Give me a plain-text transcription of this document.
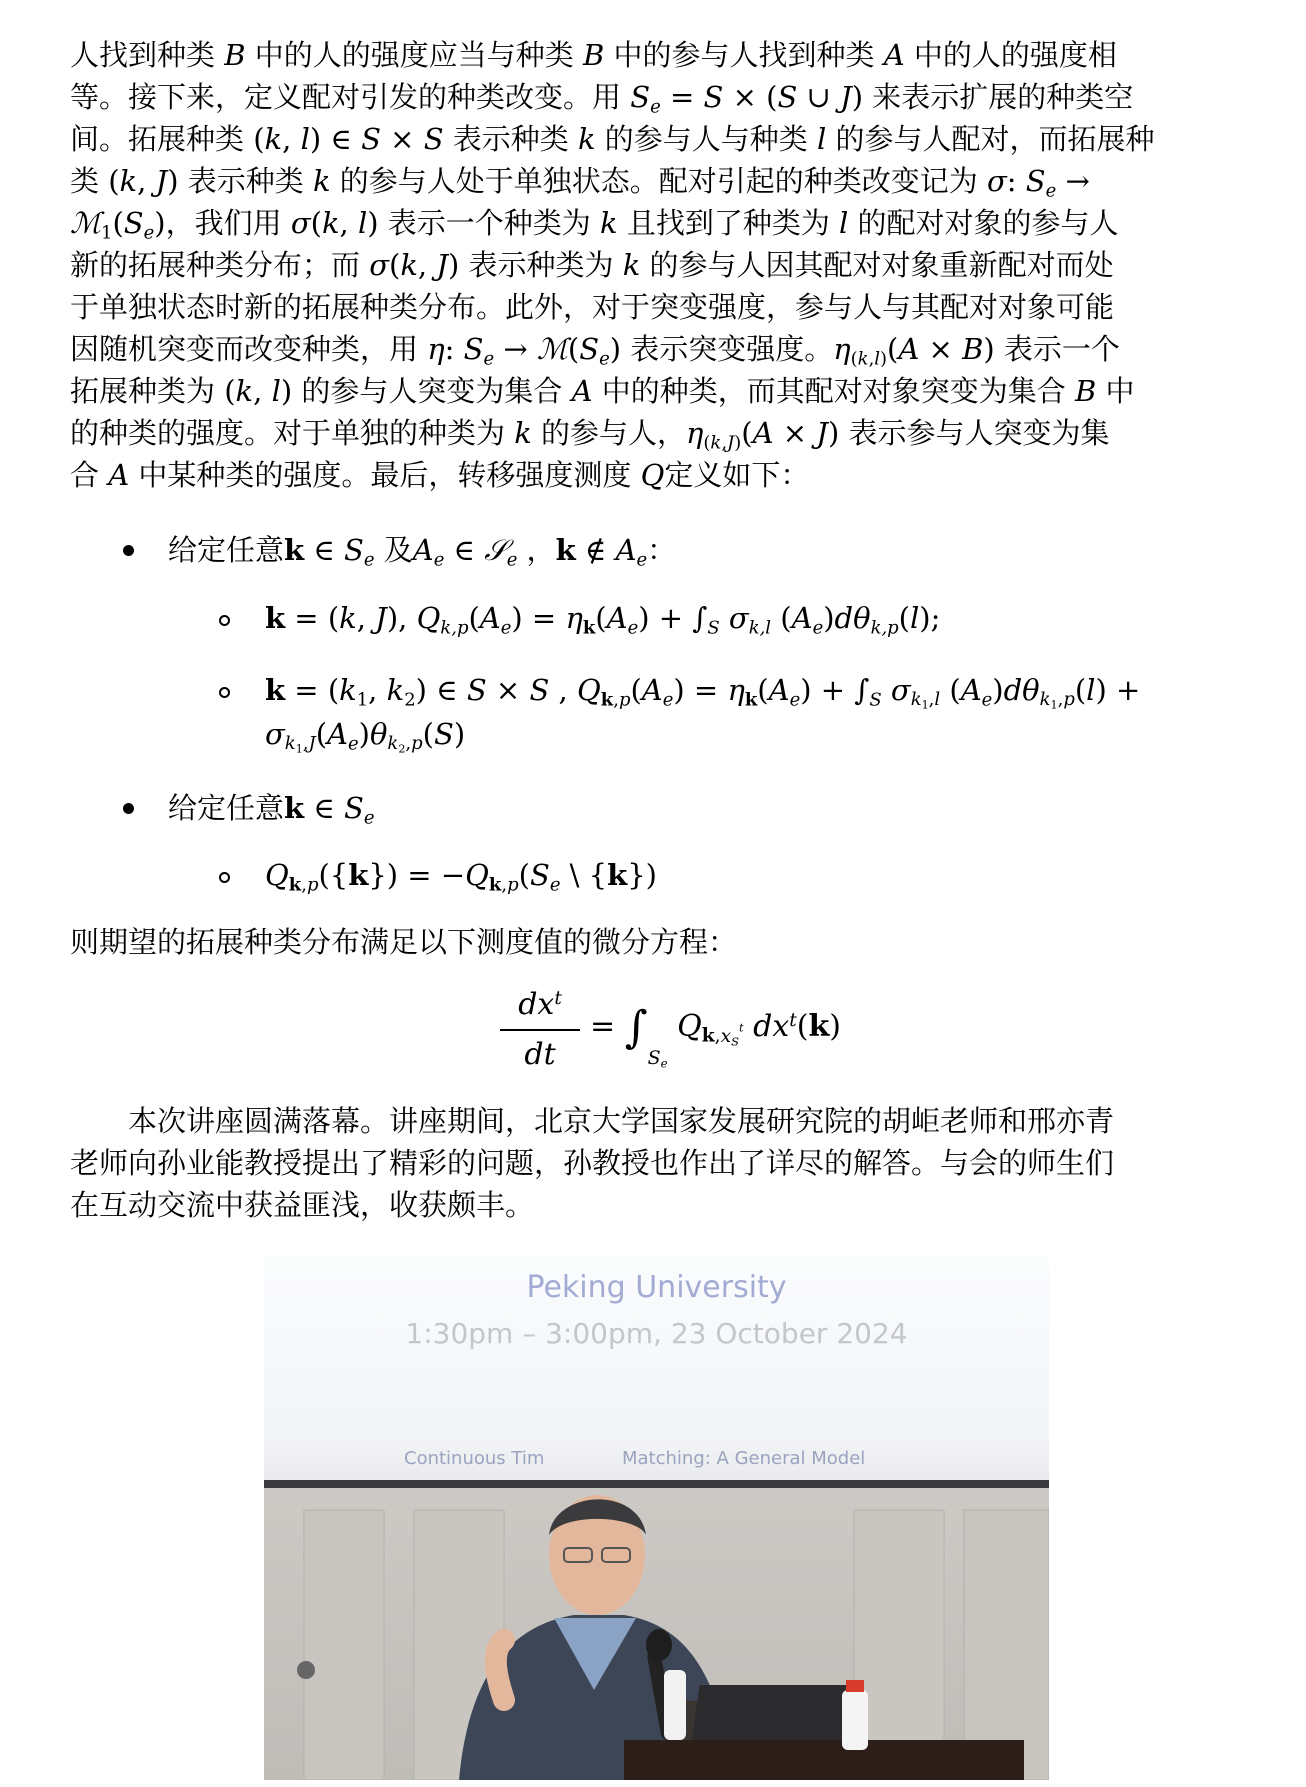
人找到种类 B 中的人的强度应当与种类 B 中的参与人找到种类 A 中的人的强度相
等。接下来，定义配对引发的种类改变。用 $S_e = S \times (S$ ∪ J) 来表示扩展的种类空
间。拓展种类 (k, l) ∈ S × S 表示种类 k 的参与人与种类 l 的参与人配对，而拓展种
类 (k, J) 表示种类 k 的参与人处于单独状态。配对引起的种类改变记为 σ: $S_e$ →
$ℳ_1(S_e)$，我们用 σ(k, l) 表示一个种类为 k 且找到了种类为 l 的配对对象的参与人
新的拓展种类分布；而 σ(k, J) 表示种类为 k 的参与人因其配对对象重新配对而处
于单独状态时新的拓展种类分布。此外，对于突变强度，参与人与其配对对象可能
因随机突变而改变种类，用 η: $S_e$ → $ℳ(S_e)$ 表示突变强度。$\eta_{(k,l)}(A \times B)$ 表示一个
拓展种类为 (k, l) 的参与人突变为集合 A 中的种类，而其配对对象突变为集合 B 中
的种类的强度。对于单独的种类为 k 的参与人，$\eta_{(k,J)}(A \times J)$ 表示参与人突变为集
合 A 中某种类的强度。最后，转移强度测度 Q定义如下：
给定任意k ∈ $S_e$ 及$A_e$ ∈ 𝒮$_e$ ，k ∉ $A_e$：
k = (k, J), $Q_{k,p}(A_e) = \eta_k(A_e) + \int_S$ $\sigma_{k,l}$ $(A_e)d\theta_{k,p}(l)$;
$k = (k_1$, $k_2$) ∈ S × S , $Q_{k,p}(A_e) = \eta_k(A_e) + \int_S$ $\sigma_{k_1,l}$ $(A_e)d\theta_{k_1,p}(l)$ +
$\sigma_{k_1,J}(A_e)\theta_{k_2,p}(S)$
给定任意k ∈ $S_e$
$Q_{k,p}(\{k\}) = -Q_{k,p}(S_e$ \ {k})
则期望的拓展种类分布满足以下测度值的微分方程：
$dx^t$
dt
= $\int_{S_e}$ $Q_{k,x_S^t}$ $dx^t(k)$
本次讲座圆满落幕。讲座期间，北京大学国家发展研究院的胡岠老师和邢亦青
老师向孙业能教授提出了精彩的问题，孙教授也作出了详尽的解答。与会的师生们
在互动交流中获益匪浅，收获颇丰。
Peking University
1:30pm – 3:00pm, 23 October 2024
Continuous Tim	Matching: A General Model
